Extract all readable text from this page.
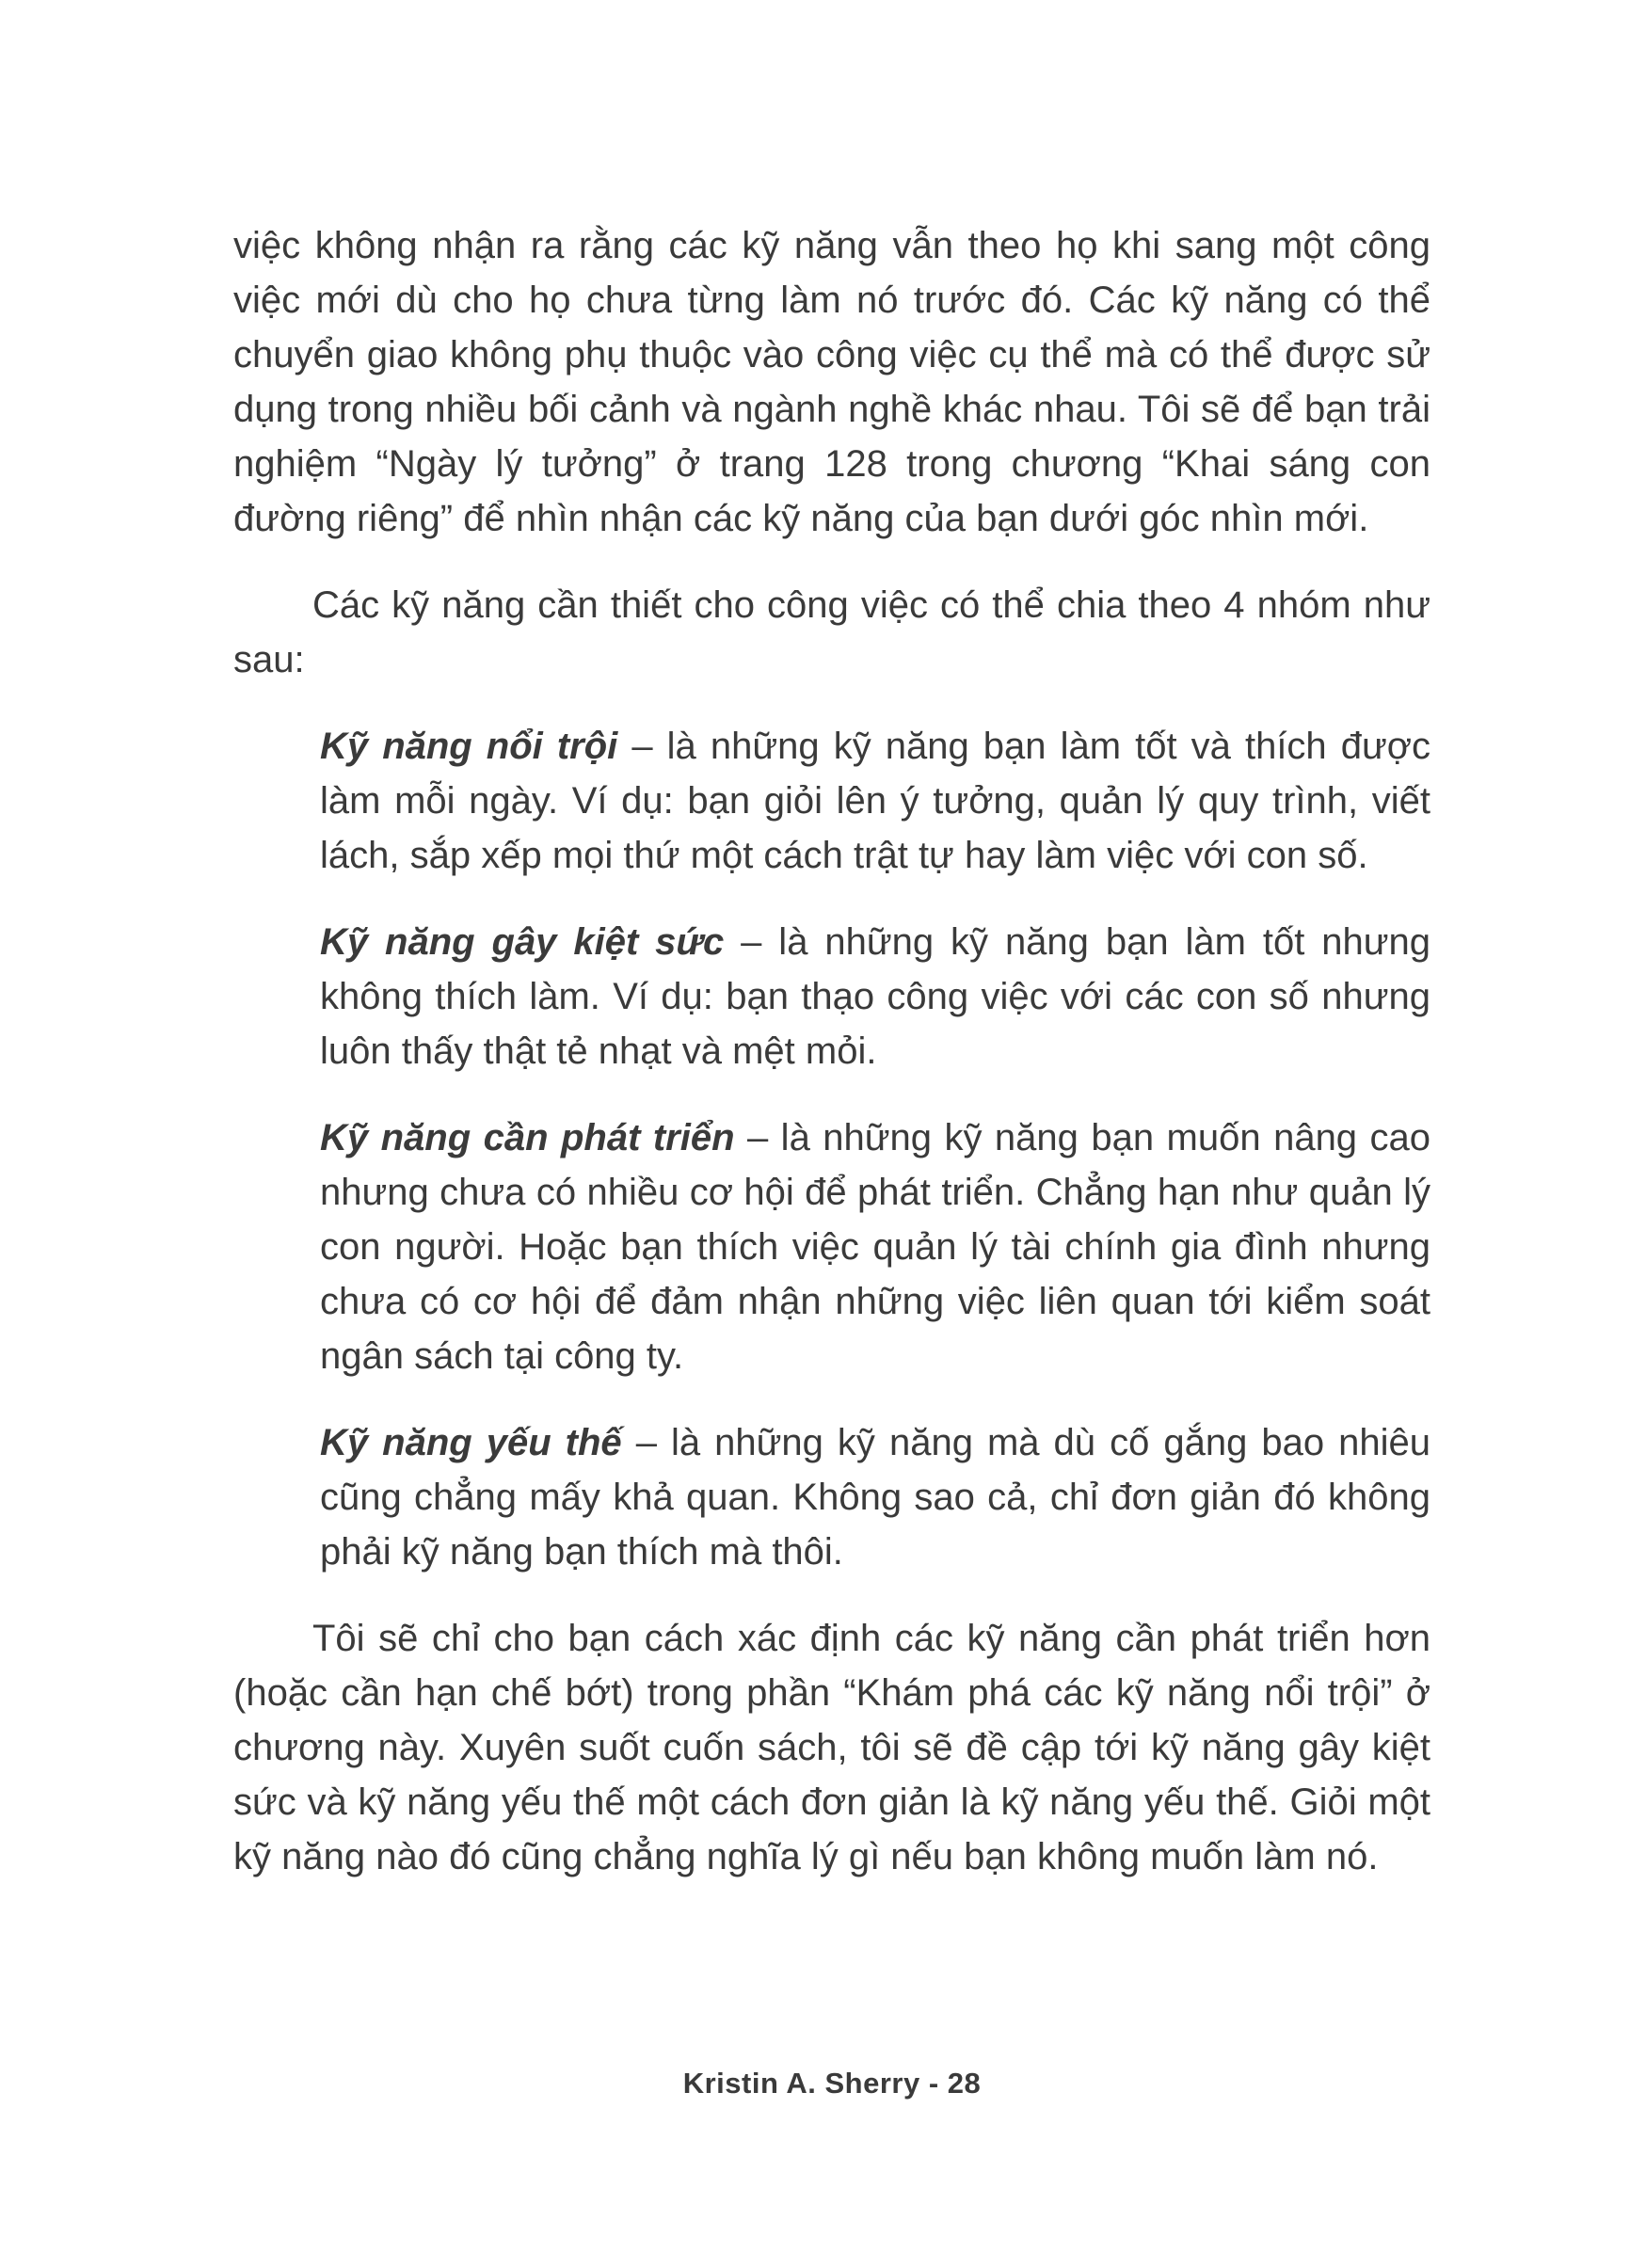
việc không nhận ra rằng các kỹ năng vẫn theo họ khi sang một công việc mới dù cho họ chưa từng làm nó trước đó. Các kỹ năng có thể chuyển giao không phụ thuộc vào công việc cụ thể mà có thể được sử dụng trong nhiều bối cảnh và ngành nghề khác nhau. Tôi sẽ để bạn trải nghiệm “Ngày lý tưởng” ở trang 128 trong chương “Khai sáng con đường riêng” để nhìn nhận các kỹ năng của bạn dưới góc nhìn mới.

Các kỹ năng cần thiết cho công việc có thể chia theo 4 nhóm như sau:

Kỹ năng nổi trội – là những kỹ năng bạn làm tốt và thích được làm mỗi ngày. Ví dụ: bạn giỏi lên ý tưởng, quản lý quy trình, viết lách, sắp xếp mọi thứ một cách trật tự hay làm việc với con số.

Kỹ năng gây kiệt sức – là những kỹ năng bạn làm tốt nhưng không thích làm. Ví dụ: bạn thạo công việc với các con số nhưng luôn thấy thật tẻ nhạt và mệt mỏi.

Kỹ năng cần phát triển – là những kỹ năng bạn muốn nâng cao nhưng chưa có nhiều cơ hội để phát triển. Chẳng hạn như quản lý con người. Hoặc bạn thích việc quản lý tài chính gia đình nhưng chưa có cơ hội để đảm nhận những việc liên quan tới kiểm soát ngân sách tại công ty.

Kỹ năng yếu thế – là những kỹ năng mà dù cố gắng bao nhiêu cũng chẳng mấy khả quan. Không sao cả, chỉ đơn giản đó không phải kỹ năng bạn thích mà thôi.

Tôi sẽ chỉ cho bạn cách xác định các kỹ năng cần phát triển hơn (hoặc cần hạn chế bớt) trong phần “Khám phá các kỹ năng nổi trội” ở chương này. Xuyên suốt cuốn sách, tôi sẽ đề cập tới kỹ năng gây kiệt sức và kỹ năng yếu thế một cách đơn giản là kỹ năng yếu thế. Giỏi một kỹ năng nào đó cũng chẳng nghĩa lý gì nếu bạn không muốn làm nó.

Kristin A. Sherry - 28
